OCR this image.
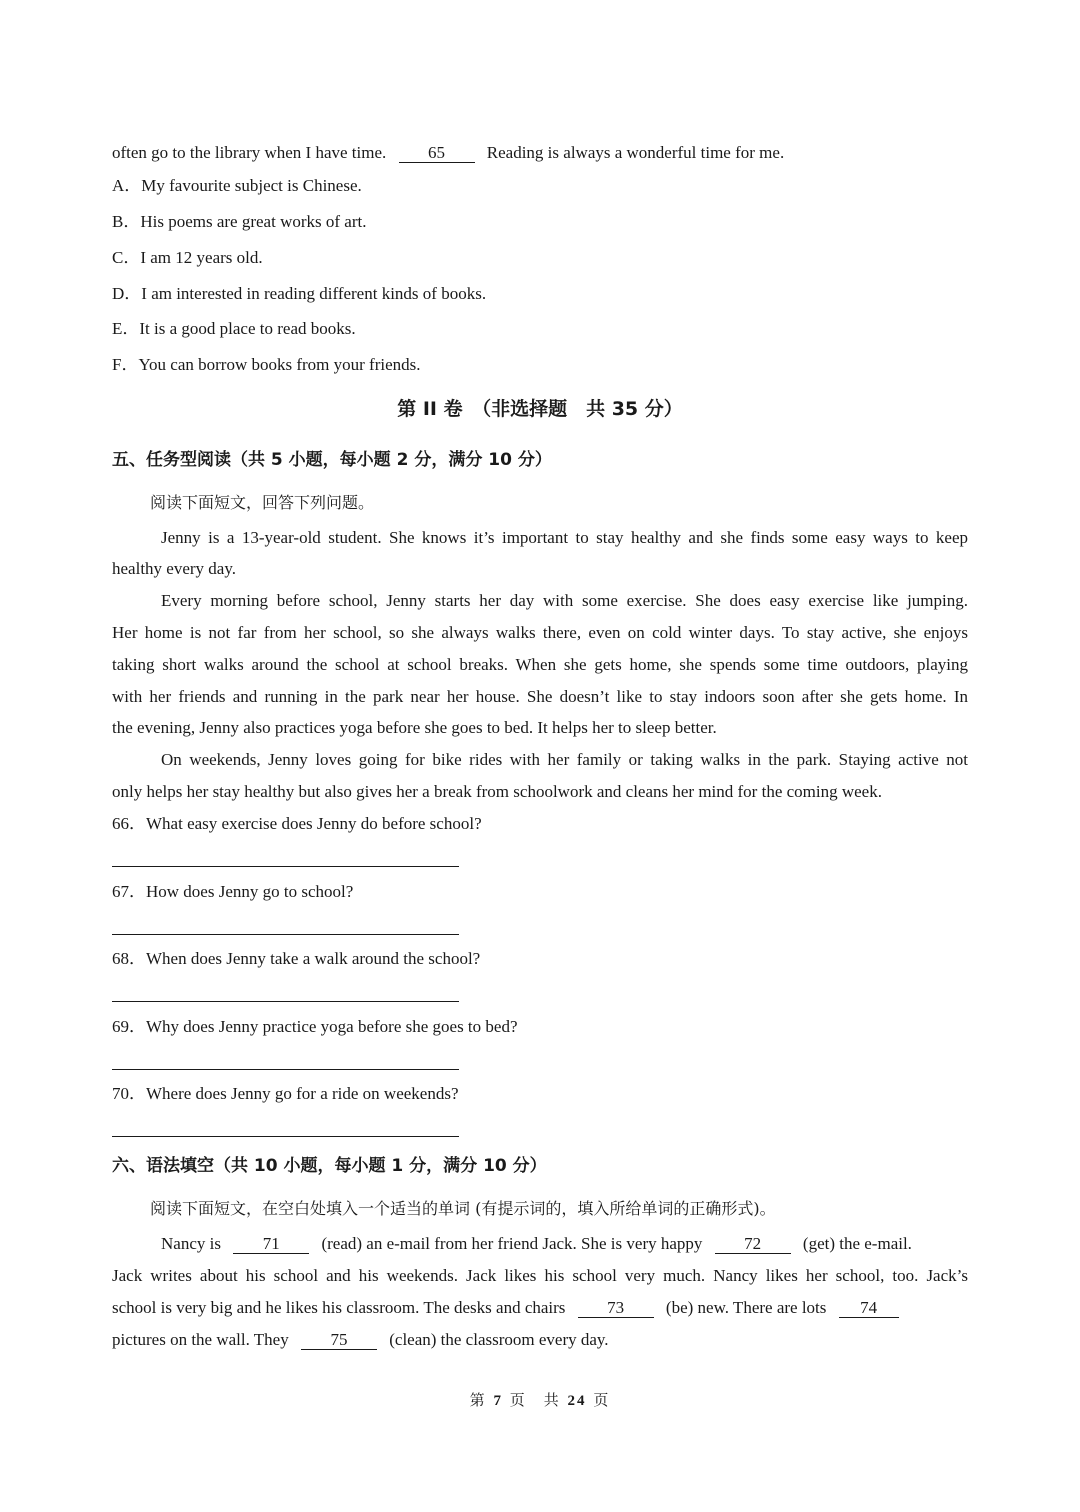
often go to the library when I have time. 65 Reading is always a wonderful time for me.
A．My favourite subject is Chinese.
B．His poems are great works of art.
C．I am 12 years old.
D．I am interested in reading different kinds of books.
E．It is a good place to read books.
F．You can borrow books from your friends.
第 II 卷　（非选择题　共 35 分）
五、任务型阅读（共 5 小题，每小题 2 分，满分 10 分）
阅读下面短文，回答下列问题。
Jenny is a 13-year-old student. She knows it’s important to stay healthy and she finds some easy ways to keep
healthy every day.
Every morning before school, Jenny starts her day with some exercise. She does easy exercise like jumping.
Her home is not far from her school, so she always walks there, even on cold winter days. To stay active, she enjoys
taking short walks around the school at school breaks. When she gets home, she spends some time outdoors, playing
with her friends and running in the park near her house. She doesn’t like to stay indoors soon after she gets home. In
the evening, Jenny also practices yoga before she goes to bed. It helps her to sleep better.
On weekends, Jenny loves going for bike rides with her family or taking walks in the park. Staying active not
only helps her stay healthy but also gives her a break from schoolwork and cleans her mind for the coming week.
66．What easy exercise does Jenny do before school?
67．How does Jenny go to school?
68．When does Jenny take a walk around the school?
69．Why does Jenny practice yoga before she goes to bed?
70．Where does Jenny go for a ride on weekends?
六、语法填空（共 10 小题，每小题 1 分，满分 10 分）
阅读下面短文，在空白处填入一个适当的单词 (有提示词的，填入所给单词的正确形式)。
Nancy is 71 (read) an e-mail from her friend Jack. She is very happy 72 (get) the e-mail.
Jack writes about his school and his weekends. Jack likes his school very much. Nancy likes her school, too. Jack’s
school is very big and he likes his classroom. The desks and chairs 73 (be) new. There are lots 74
pictures on the wall. They 75 (clean) the classroom every day.
第 7 页　共 24 页
